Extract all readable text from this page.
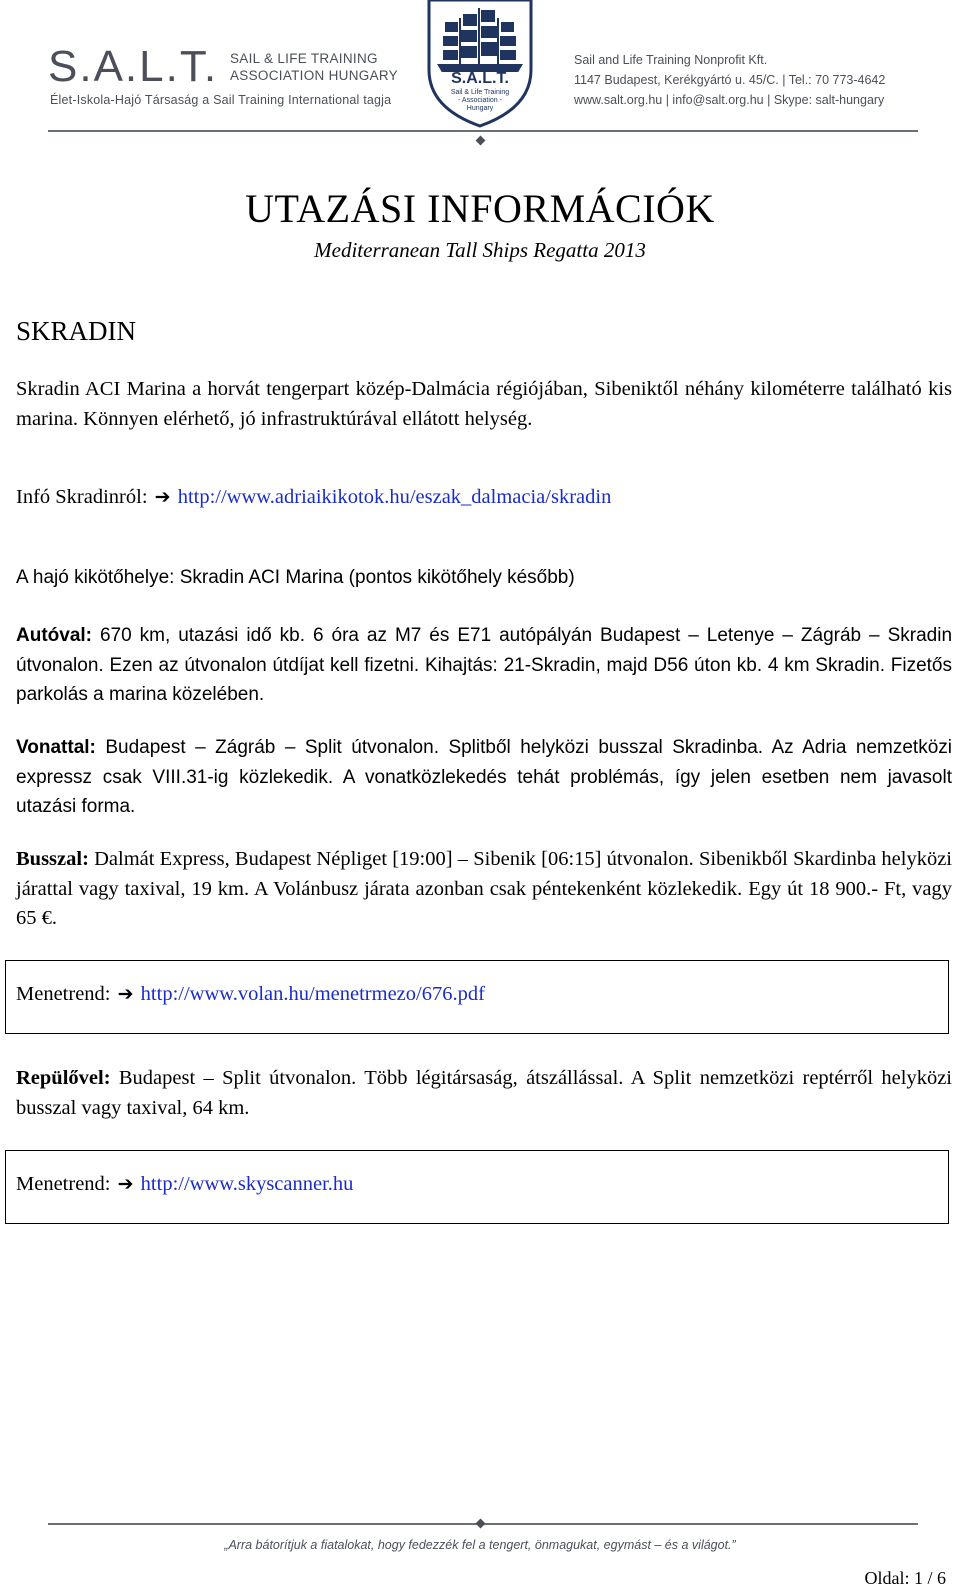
S.A.L.T. SAIL & LIFE TRAINING
ASSOCIATION HUNGARY
Élet-Iskola-Hajó Társaság a Sail Training International tagja
S.A.L.T.
Sail & Life Training
- Association -
Hungary
Sail and Life Training Nonprofit Kft.
1147 Budapest, Kerékgyártó u. 45/C. | Tel.: 70 773-4642
www.salt.org.hu | info@salt.org.hu | Skype: salt-hungary
UTAZÁSI INFORMÁCIÓK
Mediterranean Tall Ships Regatta 2013
SKRADIN
Skradin ACI Marina a horvát tengerpart közép-Dalmácia régiójában, Sibeniktől néhány kilométerre található kis marina. Könnyen elérhető, jó infrastruktúrával ellátott helység.
Infó Skradinról: ➔ http://www.adriaikikotok.hu/eszak_dalmacia/skradin
A hajó kikötőhelye: Skradin ACI Marina (pontos kikötőhely később)
Autóval: 670 km, utazási idő kb. 6 óra az M7 és E71 autópályán Budapest – Letenye – Zágráb – Skradin útvonalon. Ezen az útvonalon útdíjat kell fizetni. Kihajtás: 21-Skradin, majd D56 úton kb. 4 km Skradin. Fizetős parkolás a marina közelében.
Vonattal: Budapest – Zágráb – Split útvonalon. Splitből helyközi busszal Skradinba. Az Adria nemzetközi expressz csak VIII.31-ig közlekedik. A vonatközlekedés tehát problémás, így jelen esetben nem javasolt utazási forma.
Busszal: Dalmát Express, Budapest Népliget [19:00] – Sibenik [06:15] útvonalon. Sibenikből Skardinba helyközi járattal vagy taxival, 19 km. A Volánbusz járata azonban csak péntekenként közlekedik. Egy út 18 900.- Ft, vagy 65 €.
Menetrend: ➔ http://www.volan.hu/menetrmezo/676.pdf
Repülővel: Budapest – Split útvonalon. Több légitársaság, átszállással. A Split nemzetközi reptérről helyközi busszal vagy taxival, 64 km.
Menetrend: ➔ http://www.skyscanner.hu
„Arra bátorítjuk a fiatalokat, hogy fedezzék fel a tengert, önmagukat, egymást – és a világot.”
Oldal: 1 / 6
